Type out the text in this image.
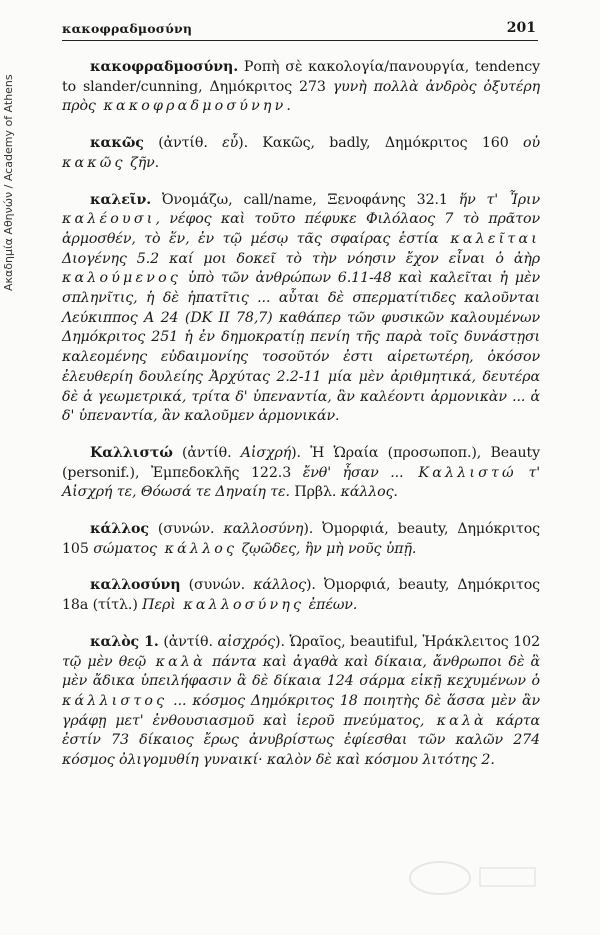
κακοφραδμοσύνη	201
Ακαδημία Αθηνών / Academy of Athens

κακοφραδμοσύνη. Ροπὴ σὲ κακολογία/πανουργία, tendency to slander/cunning, Δημόκριτος 273 γυνὴ πολλὰ ἀνδρὸς ὀξυτέρη πρὸς κακοφραδμοσύνην.

κακῶς (ἀντίθ. εὖ). Κακῶς, badly, Δημόκριτος 160 οὐ κακῶς ζῆν.

καλεῖν. Ὀνομάζω, call/name, Ξενοφάνης 32.1 ἥν τ' Ἶριν καλέουσι, νέφος καὶ τοῦτο πέφυκε Φιλόλαος 7 τὸ πρᾶτον ἁρμοσθέν, τὸ ἕν, ἐν τῷ μέσῳ τᾶς σφαίρας ἑστία καλεῖται Διογένης 5.2 καί μοι δοκεῖ τὸ τὴν νόησιν ἔχον εἶναι ὁ ἀὴρ καλούμενος ὑπὸ τῶν ἀνθρώπων 6.11-48 καὶ καλεῖται ἡ μὲν σπληνῖτις, ἡ δὲ ἡπατῖτις ... αὗται δὲ σπερματίτιδες καλοῦνται Λεύκιππος Α 24 (DK II 78,7) καθάπερ τῶν φυσικῶν καλουμένων Δημόκριτος 251 ἡ ἐν δημοκρατίῃ πενίη τῆς παρὰ τοῖς δυνάστῃσι καλεομένης εὐδαιμονίης τοσοῦτόν ἐστι αἱρετωτέρη, ὁκόσον ἐλευθερίη δουλείης Ἀρχύτας 2.2-11 μία μὲν ἀριθμητικά, δευτέρα δὲ ἁ γεωμετρικά, τρίτα δ' ὑπεναντία, ἃν καλέοντι ἁρμονικὰν ... ἁ δ' ὑπεναντία, ἃν καλοῦμεν ἁρμονικάν.

Καλλιστώ (ἀντίθ. Αἰσχρή). Ἡ Ὡραία (προσωποπ.), Beauty (personif.), Ἐμπεδοκλῆς 122.3 ἔνθ' ἦσαν ... Καλλιστώ τ' Αἰσχρή τε, Θόωσά τε Δηναίη τε. Πρβλ. κάλλος.

κάλλος (συνών. καλλοσύνη). Ὀμορφιά, beauty, Δημόκριτος 105 σώματος κάλλος ζῳῶδες, ἢν μὴ νοῦς ὑπῇ.

καλλοσύνη (συνών. κάλλος). Ὀμορφιά, beauty, Δημόκριτος 18a (τίτλ.) Περὶ καλλοσύνης ἐπέων.

καλὸς 1. (ἀντίθ. αἰσχρός). Ὡραῖος, beautiful, Ἡράκλειτος 102 τῷ μὲν θεῷ καλὰ πάντα καὶ ἀγαθὰ καὶ δίκαια, ἄνθρωποι δὲ ἃ μὲν ἄδικα ὑπειλήφασιν ἃ δὲ δίκαια 124 σάρμα εἰκῇ κεχυμένων ὁ κάλλιστος ... κόσμος Δημόκριτος 18 ποιητὴς δὲ ἅσσα μὲν ἂν γράφῃ μετ' ἐνθουσιασμοῦ καὶ ἱεροῦ πνεύματος, καλὰ κάρτα ἐστίν 73 δίκαιος ἔρως ἀνυβρίστως ἐφίεσθαι τῶν καλῶν 274 κόσμος ὀλιγομυθίη γυναικί· καλὸν δὲ καὶ κόσμου λιτότης 2.
